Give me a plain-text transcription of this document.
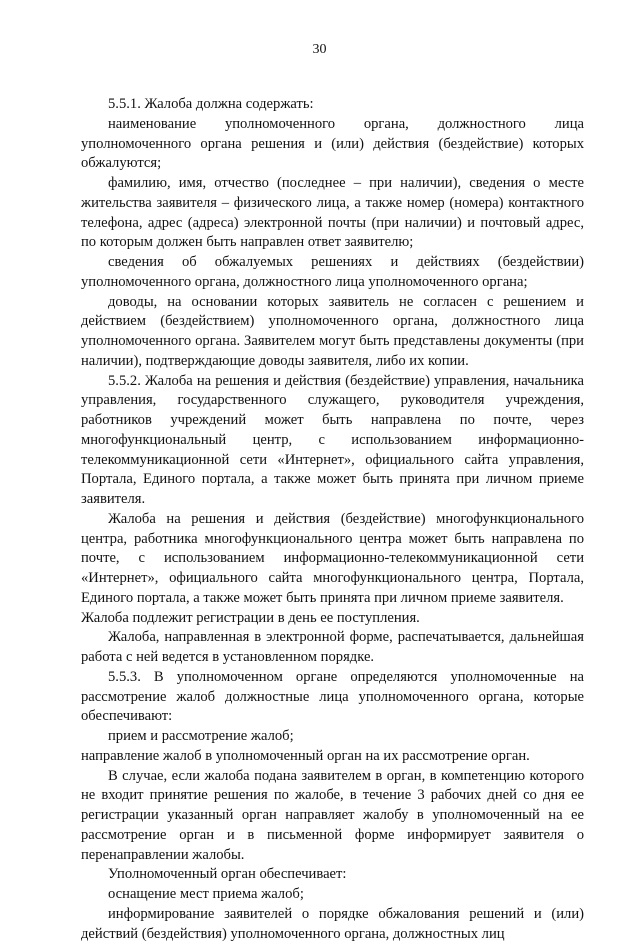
30

5.5.1. Жалоба должна содержать:

наименование уполномоченного органа, должностного лица уполномоченного органа решения и (или) действия (бездействие) которых обжалуются;

фамилию, имя, отчество (последнее – при наличии), сведения о месте жительства заявителя – физического лица, а также номер (номера) контактного телефона, адрес (адреса) электронной почты (при наличии) и почтовый адрес, по которым должен быть направлен ответ заявителю;

сведения об обжалуемых решениях и действиях (бездействии) уполномоченного органа, должностного лица уполномоченного органа;

доводы, на основании которых заявитель не согласен с решением и действием (бездействием) уполномоченного органа, должностного лица уполномоченного органа. Заявителем могут быть представлены документы (при наличии), подтверждающие доводы заявителя, либо их копии.

5.5.2. Жалоба на решения и действия (бездействие) управления, начальника управления, государственного служащего, руководителя учреждения, работников учреждений может быть направлена по почте, через многофункциональный центр, с использованием информационно-телекоммуникационной сети «Интернет», официального сайта управления, Портала, Единого портала, а также может быть принята при личном приеме заявителя.

Жалоба на решения и действия (бездействие) многофункционального центра, работника многофункционального центра может быть направлена по почте, с использованием информационно-телекоммуникационной сети «Интернет», официального сайта многофункционального центра, Портала, Единого портала, а также может быть принята при личном приеме заявителя.

Жалоба подлежит регистрации в день ее поступления.

Жалоба, направленная в электронной форме, распечатывается, дальнейшая работа с ней ведется в установленном порядке.

5.5.3. В уполномоченном органе определяются уполномоченные на рассмотрение жалоб должностные лица уполномоченного органа, которые обеспечивают:

прием и рассмотрение жалоб;

направление жалоб в уполномоченный орган на их рассмотрение орган.

В случае, если жалоба подана заявителем в орган, в компетенцию которого не входит принятие решения по жалобе, в течение 3 рабочих дней со дня ее регистрации указанный орган направляет жалобу в уполномоченный на ее рассмотрение орган и в письменной форме информирует заявителя о перенаправлении жалобы.

Уполномоченный орган обеспечивает:

оснащение мест приема жалоб;

информирование заявителей о порядке обжалования решений и (или) действий (бездействия) уполномоченного органа, должностных лиц
